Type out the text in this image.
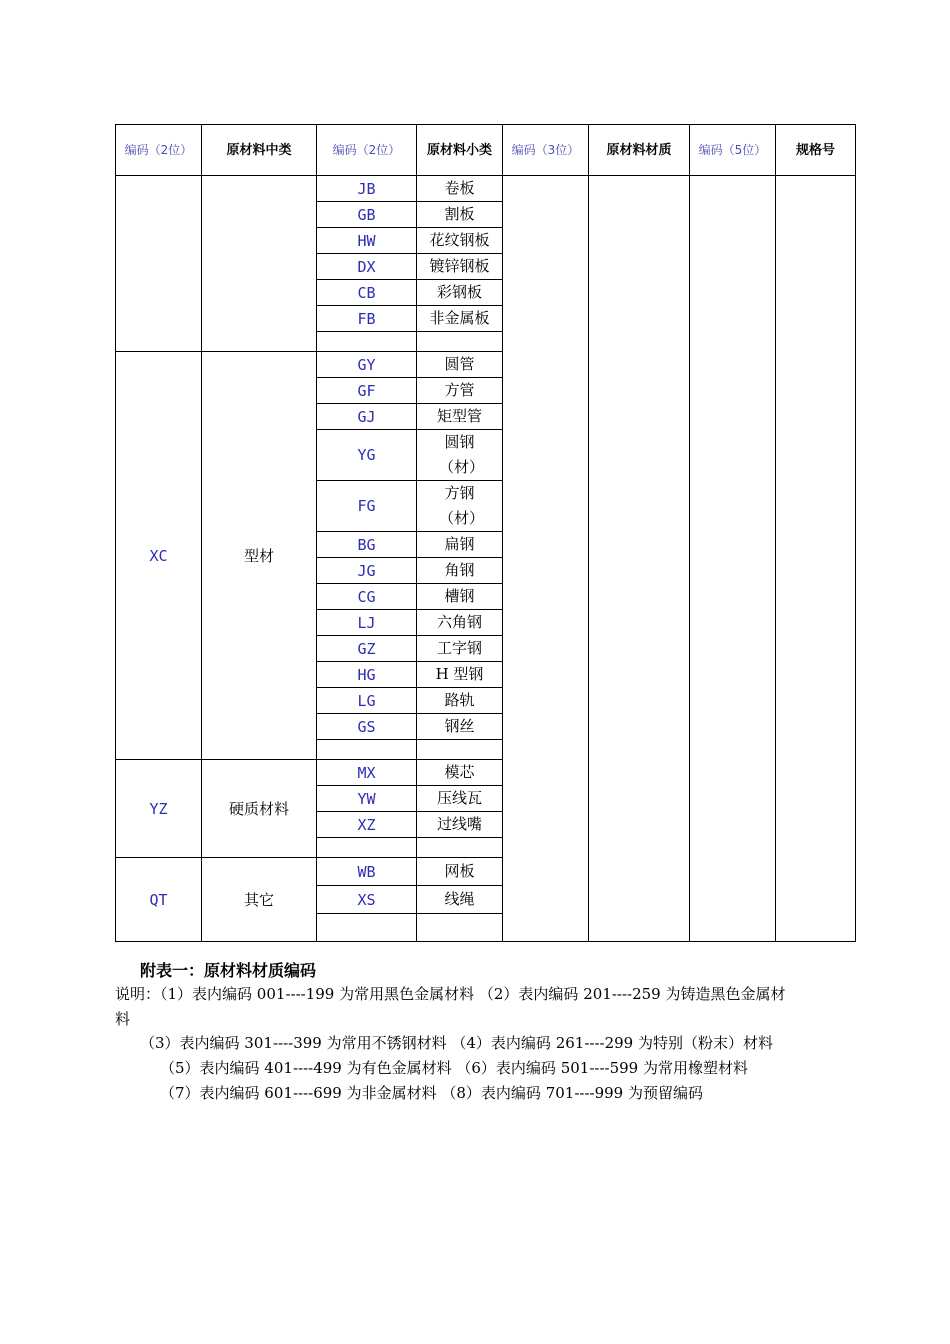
编码（2位）	原材料中类	编码（2位）	原材料小类	编码（3位）	原材料材质	编码（5位）	规格号
		JB	卷板				
		GB	割板				
		HW	花纹钢板				
		DX	镀锌钢板				
		CB	彩钢板				
		FB	非金属板				

XC	型材	GY	圆管				
		GF	方管				
		GJ	矩型管				
		YG	圆钢（材）				
		FG	方钢（材）				
		BG	扁钢				
		JG	角钢				
		CG	槽钢				
		LJ	六角钢				
		GZ	工字钢				
		HG	H 型钢				
		LG	路轨				
		GS	钢丝				

YZ	硬质材料	MX	模芯				
		YW	压线瓦				
		XZ	过线嘴				

QT	其它	WB	网板				
		XS	线绳				

附表一：原材料材质编码
说明：（1）表内编码 001----199 为常用黑色金属材料 （2）表内编码 201----259 为铸造黑色金属材
料
（3）表内编码 301----399 为常用不锈钢材料 （4）表内编码 261----299 为特别（粉末）材料
（5）表内编码 401----499 为有色金属材料 （6）表内编码 501----599 为常用橡塑材料
（7）表内编码 601----699 为非金属材料 （8）表内编码 701----999 为预留编码
